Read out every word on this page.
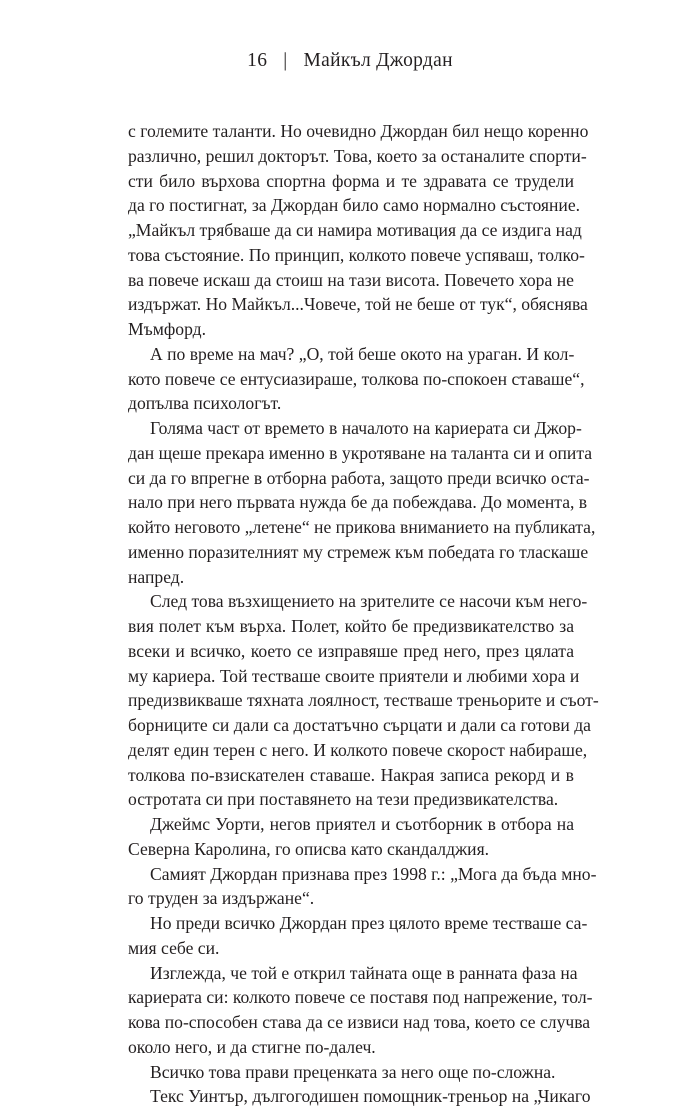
16 | Майкъл Джордан

с големите таланти. Но очевидно Джордан бил нещо коренно
различно, решил докторът. Това, което за останалите спорти-
сти било върхова спортна форма и те здравата се трудели
да го постигнат, за Джордан било само нормално състояние.
„Майкъл трябваше да си намира мотивация да се издига над
това състояние. По принцип, колкото повече успяваш, толко-
ва повече искаш да стоиш на тази висота. Повечето хора не
издържат. Но Майкъл...Човече, той не беше от тук“, обяснява
Мъмфорд.

А по време на мач? „О, той беше окото на ураган. И кол-
кото повече се ентусиазираше, толкова по-спокоен ставаше“,
допълва психологът.

Голяма част от времето в началото на кариерата си Джор-
дан щеше прекара именно в укротяване на таланта си и опита
си да го впрегне в отборна работа, защото преди всичко оста-
нало при него първата нужда бе да побеждава. До момента, в
който неговото „летене“ не прикова вниманието на публиката,
именно поразителният му стремеж към победата го тласкаше
напред.

След това възхищението на зрителите се насочи към него-
вия полет към върха. Полет, който бе предизвикателство за
всеки и всичко, което се изправяше пред него, през цялата
му кариера. Той тестваше своите приятели и любими хора и
предизвикваше тяхната лоялност, тестваше треньорите и съот-
борниците си дали са достатъчно сърцати и дали са готови да
делят един терен с него. И колкото повече скорост набираше,
толкова по-взискателен ставаше. Накрая записа рекорд и в
остротата си при поставянето на тези предизвикателства.

Джеймс Уорти, негов приятел и съотборник в отбора на
Северна Каролина, го описва като скандалджия.

Самият Джордан признава през 1998 г.: „Мога да бъда мно-
го труден за издържане“.

Но преди всичко Джордан през цялото време тестваше са-
мия себе си.

Изглежда, че той е открил тайната още в ранната фаза на
кариерата си: колкото повече се поставя под напрежение, тол-
кова по-способен става да се извиси над това, което се случва
около него, и да стигне по-далеч.

Всичко това прави преценката за него още по-сложна.

Текс Уинтър, дългогодишен помощник-треньор на „Чикаго
